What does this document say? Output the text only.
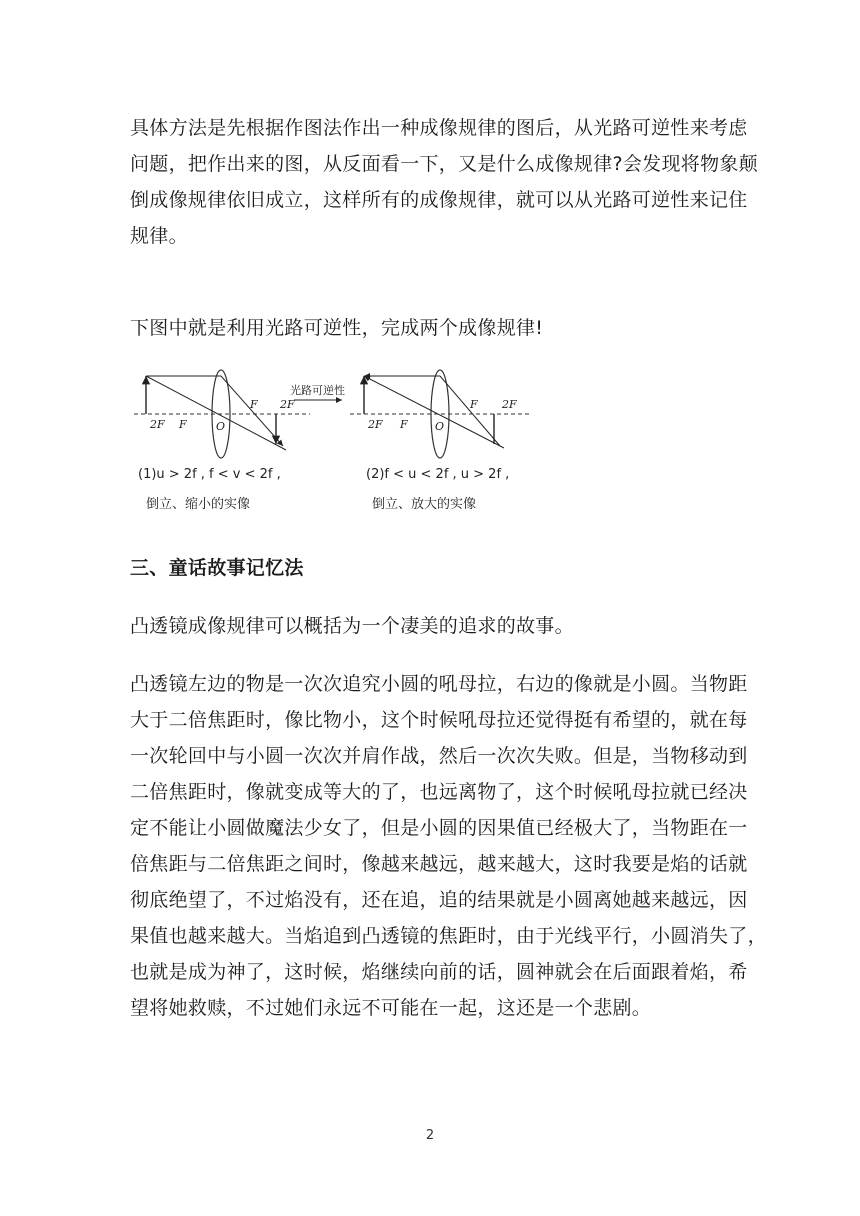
具体方法是先根据作图法作出一种成像规律的图后，从光路可逆性来考虑
问题，把作出来的图，从反面看一下，又是什么成像规律?会发现将物象颠
倒成像规律依旧成立，这样所有的成像规律，就可以从光路可逆性来记住
规律。

下图中就是利用光路可逆性，完成两个成像规律!

2F F	O
F 2F
(1)u > 2f , f < v < 2f ,
倒立、缩小的实像
光路可逆性
2F F O
F 2F
(2)f < u < 2f , u > 2f ,
倒立、放大的实像

三、童话故事记忆法

凸透镜成像规律可以概括为一个凄美的追求的故事。

凸透镜左边的物是一次次追究小圆的吼母拉，右边的像就是小圆。当物距
大于二倍焦距时，像比物小，这个时候吼母拉还觉得挺有希望的，就在每
一次轮回中与小圆一次次并肩作战，然后一次次失败。但是，当物移动到
二倍焦距时，像就变成等大的了，也远离物了，这个时候吼母拉就已经决
定不能让小圆做魔法少女了，但是小圆的因果值已经极大了，当物距在一
倍焦距与二倍焦距之间时，像越来越远，越来越大，这时我要是焰的话就
彻底绝望了，不过焰没有，还在追，追的结果就是小圆离她越来越远，因
果值也越来越大。当焰追到凸透镜的焦距时，由于光线平行，小圆消失了，
也就是成为神了，这时候，焰继续向前的话，圆神就会在后面跟着焰，希
望将她救赎，不过她们永远不可能在一起，这还是一个悲剧。

2
